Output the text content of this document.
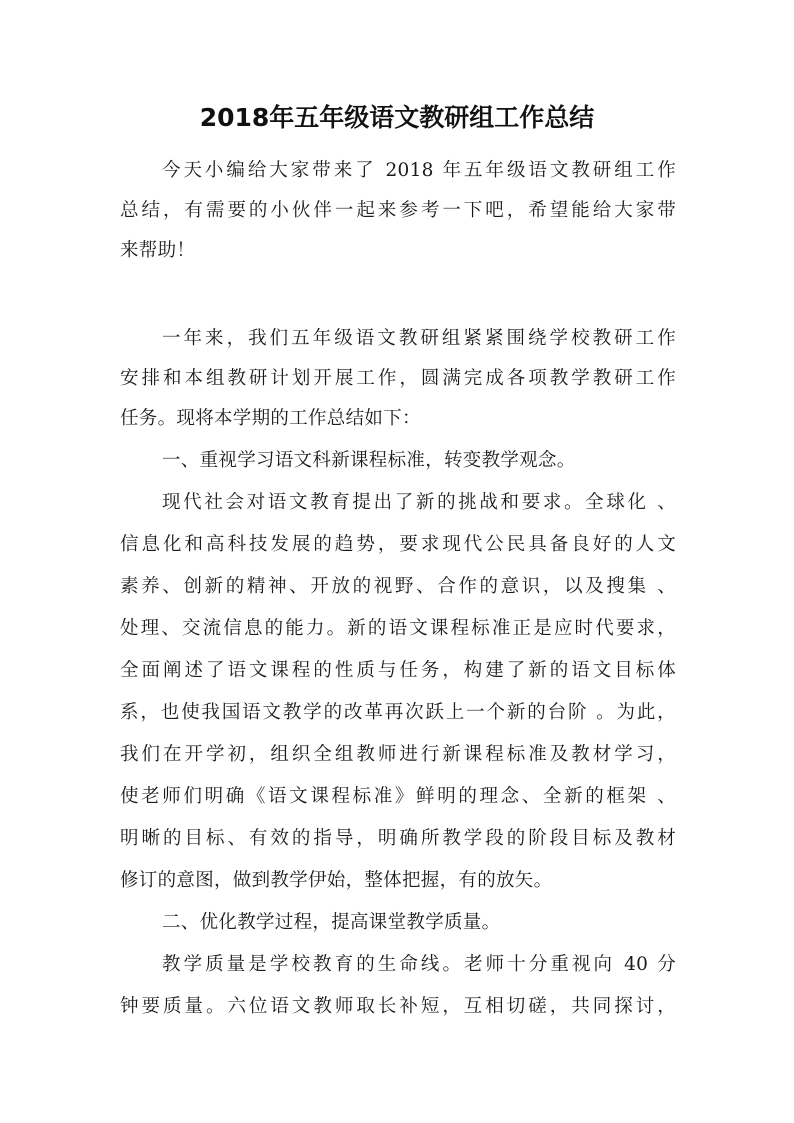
2018年五年级语文教研组工作总结
今天小编给大家带来了 2018 年五年级语文教研组工作
总结，有需要的小伙伴一起来参考一下吧，希望能给大家带
来帮助！
一年来，我们五年级语文教研组紧紧围绕学校教研工作
安排和本组教研计划开展工作，圆满完成各项教学教研工作
任务。现将本学期的工作总结如下：
一、重视学习语文科新课程标准，转变教学观念。
现代社会对语文教育提出了新的挑战和要求。全球化 、
信息化和高科技发展的趋势，要求现代公民具备良好的人文
素养、创新的精神、开放的视野、合作的意识，以及搜集 、
处理、交流信息的能力。新的语文课程标准正是应时代要求，
全面阐述了语文课程的性质与任务，构建了新的语文目标体
系，也使我国语文教学的改革再次跃上一个新的台阶 。为此，
我们在开学初，组织全组教师进行新课程标准及教材学习，
使老师们明确《语文课程标准》鲜明的理念、全新的框架 、
明晰的目标、有效的指导，明确所教学段的阶段目标及教材
修订的意图，做到教学伊始，整体把握，有的放矢。
二、优化教学过程，提高课堂教学质量。
教学质量是学校教育的生命线。老师十分重视向 40 分
钟要质量。六位语文教师取长补短，互相切磋，共同探讨，
